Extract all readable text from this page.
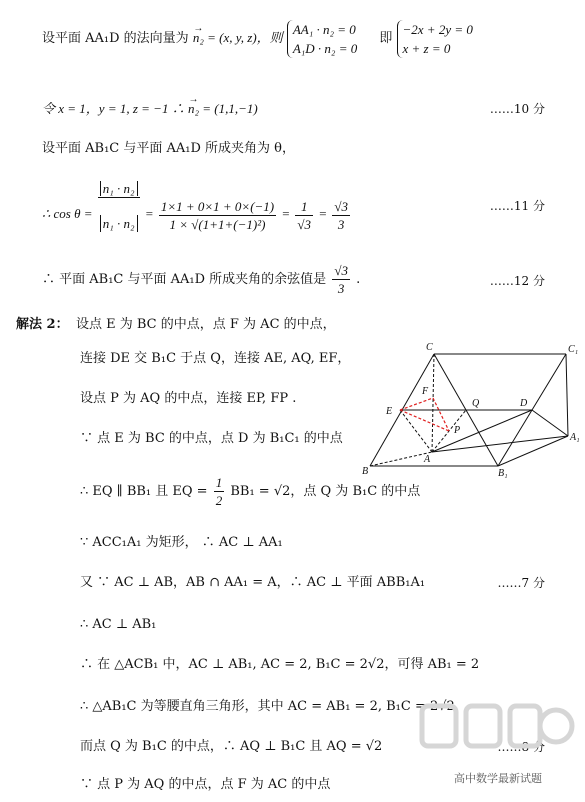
设平面 AA₁D 的法向量为 → n₂ = (x, y, z)，则
AA₁ · n₂ = 0
A₁D · n₂ = 0
即
−2x + 2y = 0
x + z = 0
令 x = 1，y = 1, z = −1 ∴ → n₂ = (1,1,−1)	……10 分
设平面 AB₁C 与平面 AA₁D 所成夹角为 θ，
∴ $\cos \theta = \frac{\text{n₁ · n₂}}{\text{n₁ · n₂}} = \frac{1\times 1 + 0\times 1 + 0\times(-1)}{\text{1 × √(1+1+(−1)²)}} = \frac{1}{√3} = \frac{√3}{3}$	……11 分
∴ 平面 AB₁C 与平面 AA₁D 所成夹角的余弦值是 $\frac{√3}{3}$ .	……12 分
解法 2： 设点 E 为 BC 的中点，点 F 为 AC 的中点，
连接 DE 交 B₁C 于点 Q，连接 AE, AQ, EF，
设点 P 为 AQ 的中点，连接 EP, FP .
∵ 点 E 为 BC 的中点，点 D 为 B₁C₁ 的中点
∴ EQ ∥ BB₁ 且 EQ = $\frac{1}{2} BB_1 = √2$，点 Q 为 B₁C 的中点
∵ ACC₁A₁ 为矩形， ∴ AC ⊥ AA₁
又 ∵ AC ⊥ AB，AB ∩ AA₁ = A，∴ AC ⊥ 平面 ABB₁A₁	……7 分
∴ AC ⊥ AB₁
∴ 在 △ACB₁ 中，AC ⊥ AB₁, AC = 2, B₁C = 2√2，可得 AB₁ = 2
∴ △AB₁C 为等腰直角三角形，其中 AC = AB₁ = 2, B₁C = 2√2
而点 Q 为 B₁C 的中点，∴ AQ ⊥ B₁C 且 AQ = √2	……8 分
∵ 点 P 为 AQ 的中点，点 F 为 AC 的中点
C	C₁
F
Q	D
E
P
A
A₁
B	B₁
高中数学最新试题
